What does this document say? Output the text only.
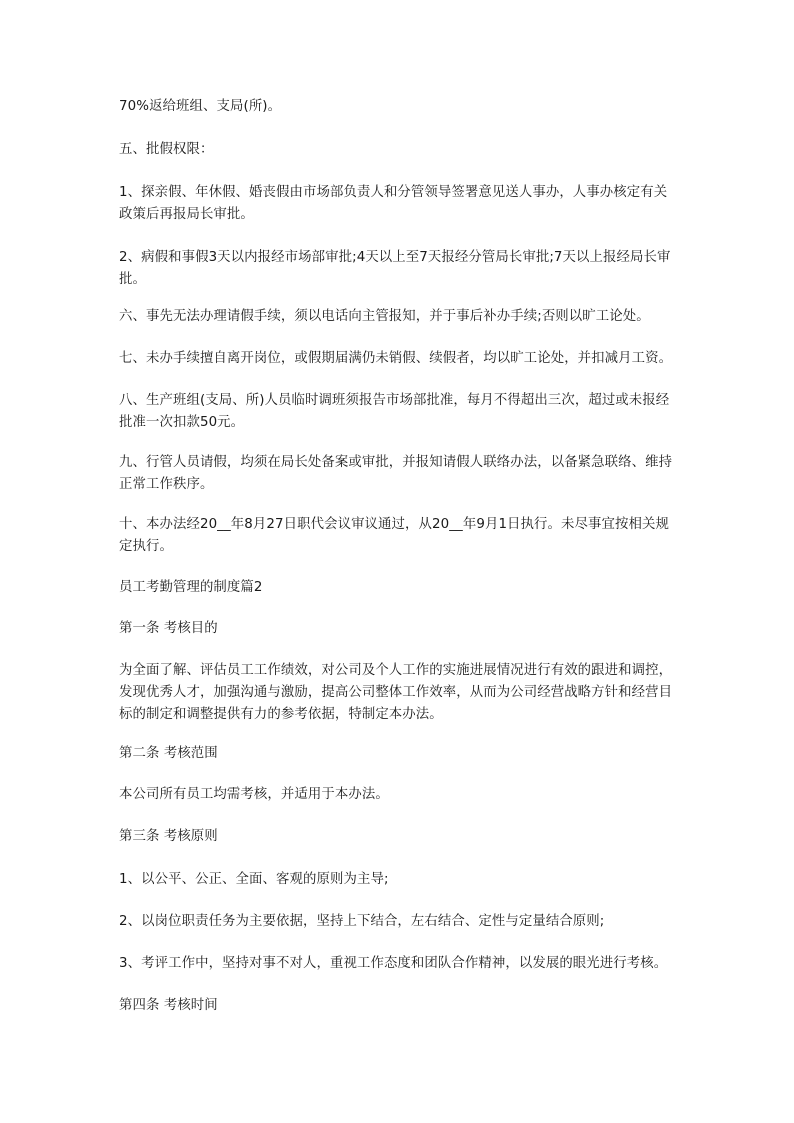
70%返给班组、支局(所)。

五、批假权限：

1、探亲假、年休假、婚丧假由市场部负责人和分管领导签署意见送人事办，人事办核定有关政策后再报局长审批。

2、病假和事假3天以内报经市场部审批;4天以上至7天报经分管局长审批;7天以上报经局长审批。

六、事先无法办理请假手续，须以电话向主管报知，并于事后补办手续;否则以旷工论处。

七、未办手续擅自离开岗位，或假期届满仍未销假、续假者，均以旷工论处，并扣减月工资。

八、生产班组(支局、所)人员临时调班须报告市场部批准，每月不得超出三次，超过或未报经批准一次扣款50元。

九、行管人员请假，均须在局长处备案或审批，并报知请假人联络办法，以备紧急联络、维持正常工作秩序。

十、本办法经20__年8月27日职代会议审议通过，从20__年9月1日执行。未尽事宜按相关规定执行。

员工考勤管理的制度篇2

第一条 考核目的

为全面了解、评估员工工作绩效，对公司及个人工作的实施进展情况进行有效的跟进和调控，发现优秀人才，加强沟通与激励，提高公司整体工作效率，从而为公司经营战略方针和经营目标的制定和调整提供有力的参考依据，特制定本办法。

第二条 考核范围

本公司所有员工均需考核，并适用于本办法。

第三条 考核原则

1、以公平、公正、全面、客观的原则为主导;

2、以岗位职责任务为主要依据，坚持上下结合，左右结合、定性与定量结合原则;

3、考评工作中，坚持对事不对人，重视工作态度和团队合作精神，以发展的眼光进行考核。

第四条 考核时间
